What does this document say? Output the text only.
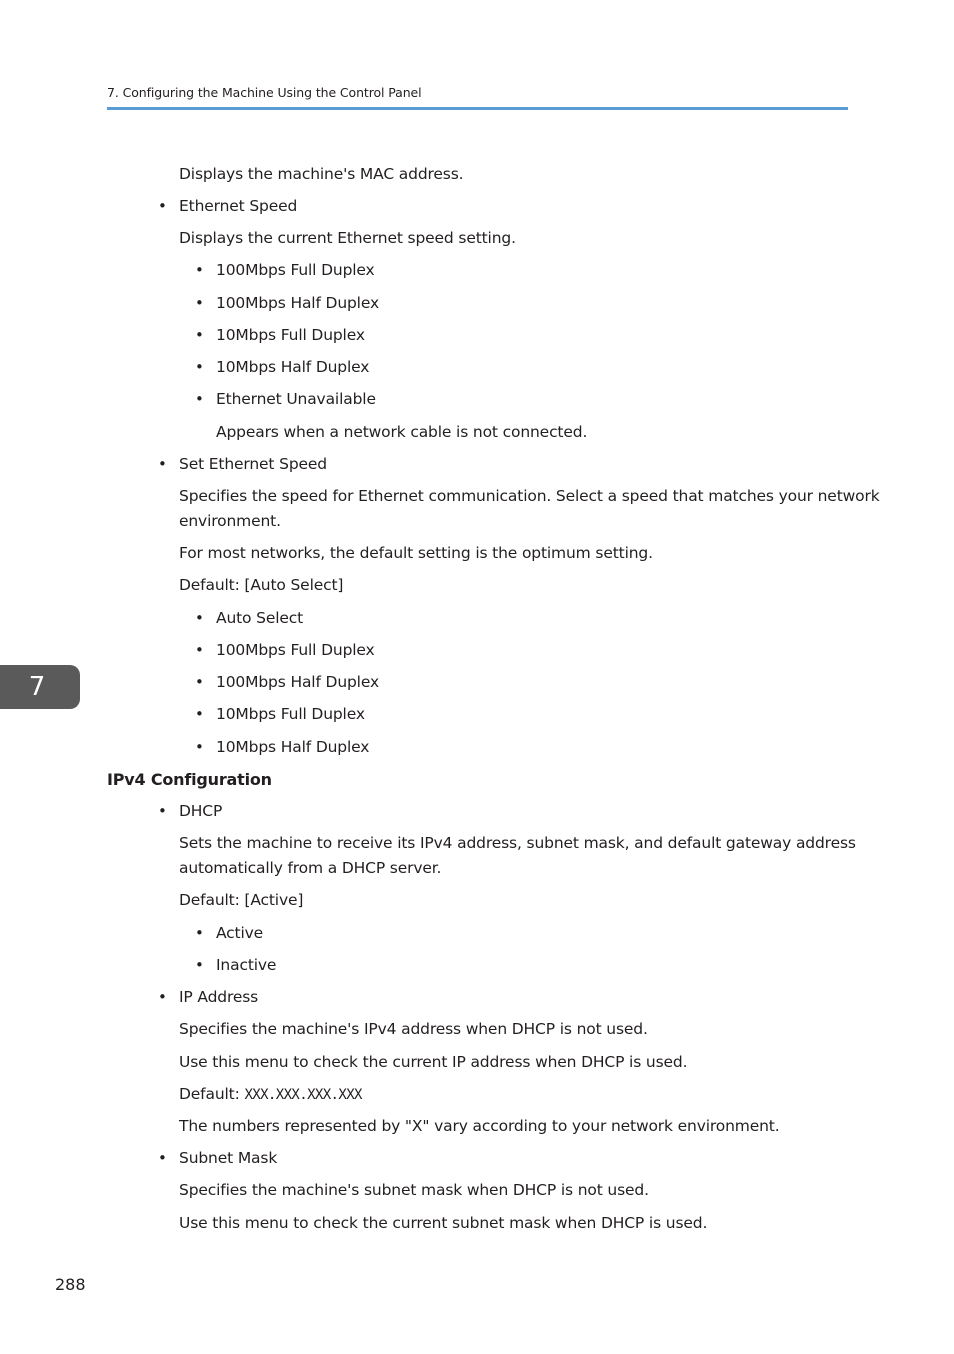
7. Configuring the Machine Using the Control Panel
Displays the machine's MAC address.
• Ethernet Speed
Displays the current Ethernet speed setting.
• 100Mbps Full Duplex
• 100Mbps Half Duplex
• 10Mbps Full Duplex
• 10Mbps Half Duplex
• Ethernet Unavailable
Appears when a network cable is not connected.
• Set Ethernet Speed
Specifies the speed for Ethernet communication. Select a speed that matches your network
environment.
For most networks, the default setting is the optimum setting.
Default: [Auto Select]
• Auto Select
• 100Mbps Full Duplex
• 100Mbps Half Duplex
• 10Mbps Full Duplex
• 10Mbps Half Duplex
IPv4 Configuration
• DHCP
Sets the machine to receive its IPv4 address, subnet mask, and default gateway address
automatically from a DHCP server.
Default: [Active]
• Active
• Inactive
• IP Address
Specifies the machine's IPv4 address when DHCP is not used.
Use this menu to check the current IP address when DHCP is used.
Default: XXX.XXX.XXX.XXX
The numbers represented by "X" vary according to your network environment.
• Subnet Mask
Specifies the machine's subnet mask when DHCP is not used.
Use this menu to check the current subnet mask when DHCP is used.
7
288
